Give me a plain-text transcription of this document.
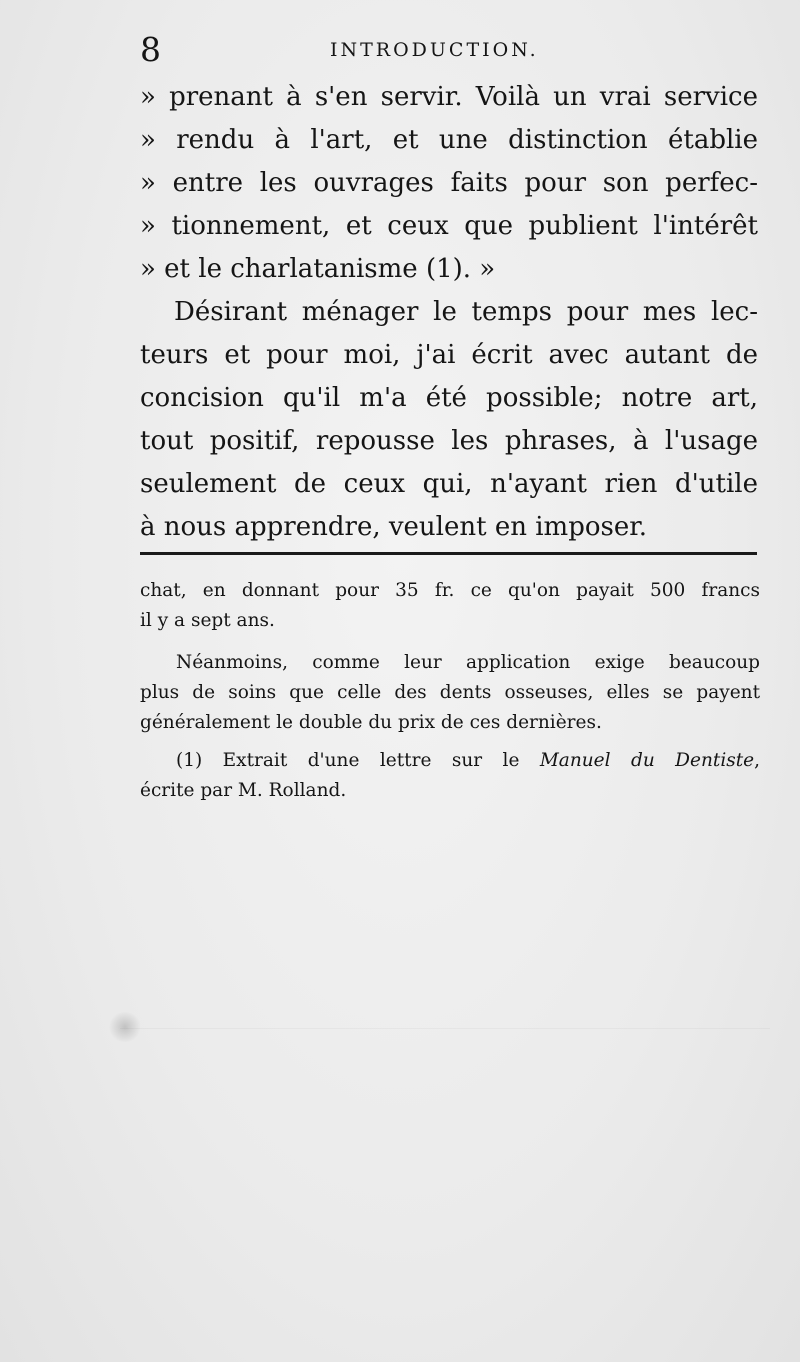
8	INTRODUCTION.
» prenant à s'en servir. Voilà un vrai service
» rendu à l'art, et une distinction établie
» entre les ouvrages faits pour son perfec-
» tionnement, et ceux que publient l'intérêt
» et le charlatanisme (1). »
Désirant ménager le temps pour mes lec-
teurs et pour moi, j'ai écrit avec autant de
concision qu'il m'a été possible; notre art,
tout positif, repousse les phrases, à l'usage
seulement de ceux qui, n'ayant rien d'utile
à nous apprendre, veulent en imposer.
chat, en donnant pour 35 fr. ce qu'on payait 500 francs
il y a sept ans.
Néanmoins, comme leur application exige beaucoup
plus de soins que celle des dents osseuses, elles se payent
généralement le double du prix de ces dernières.
(1) Extrait d'une lettre sur le Manuel du Dentiste,
écrite par M. Rolland.
